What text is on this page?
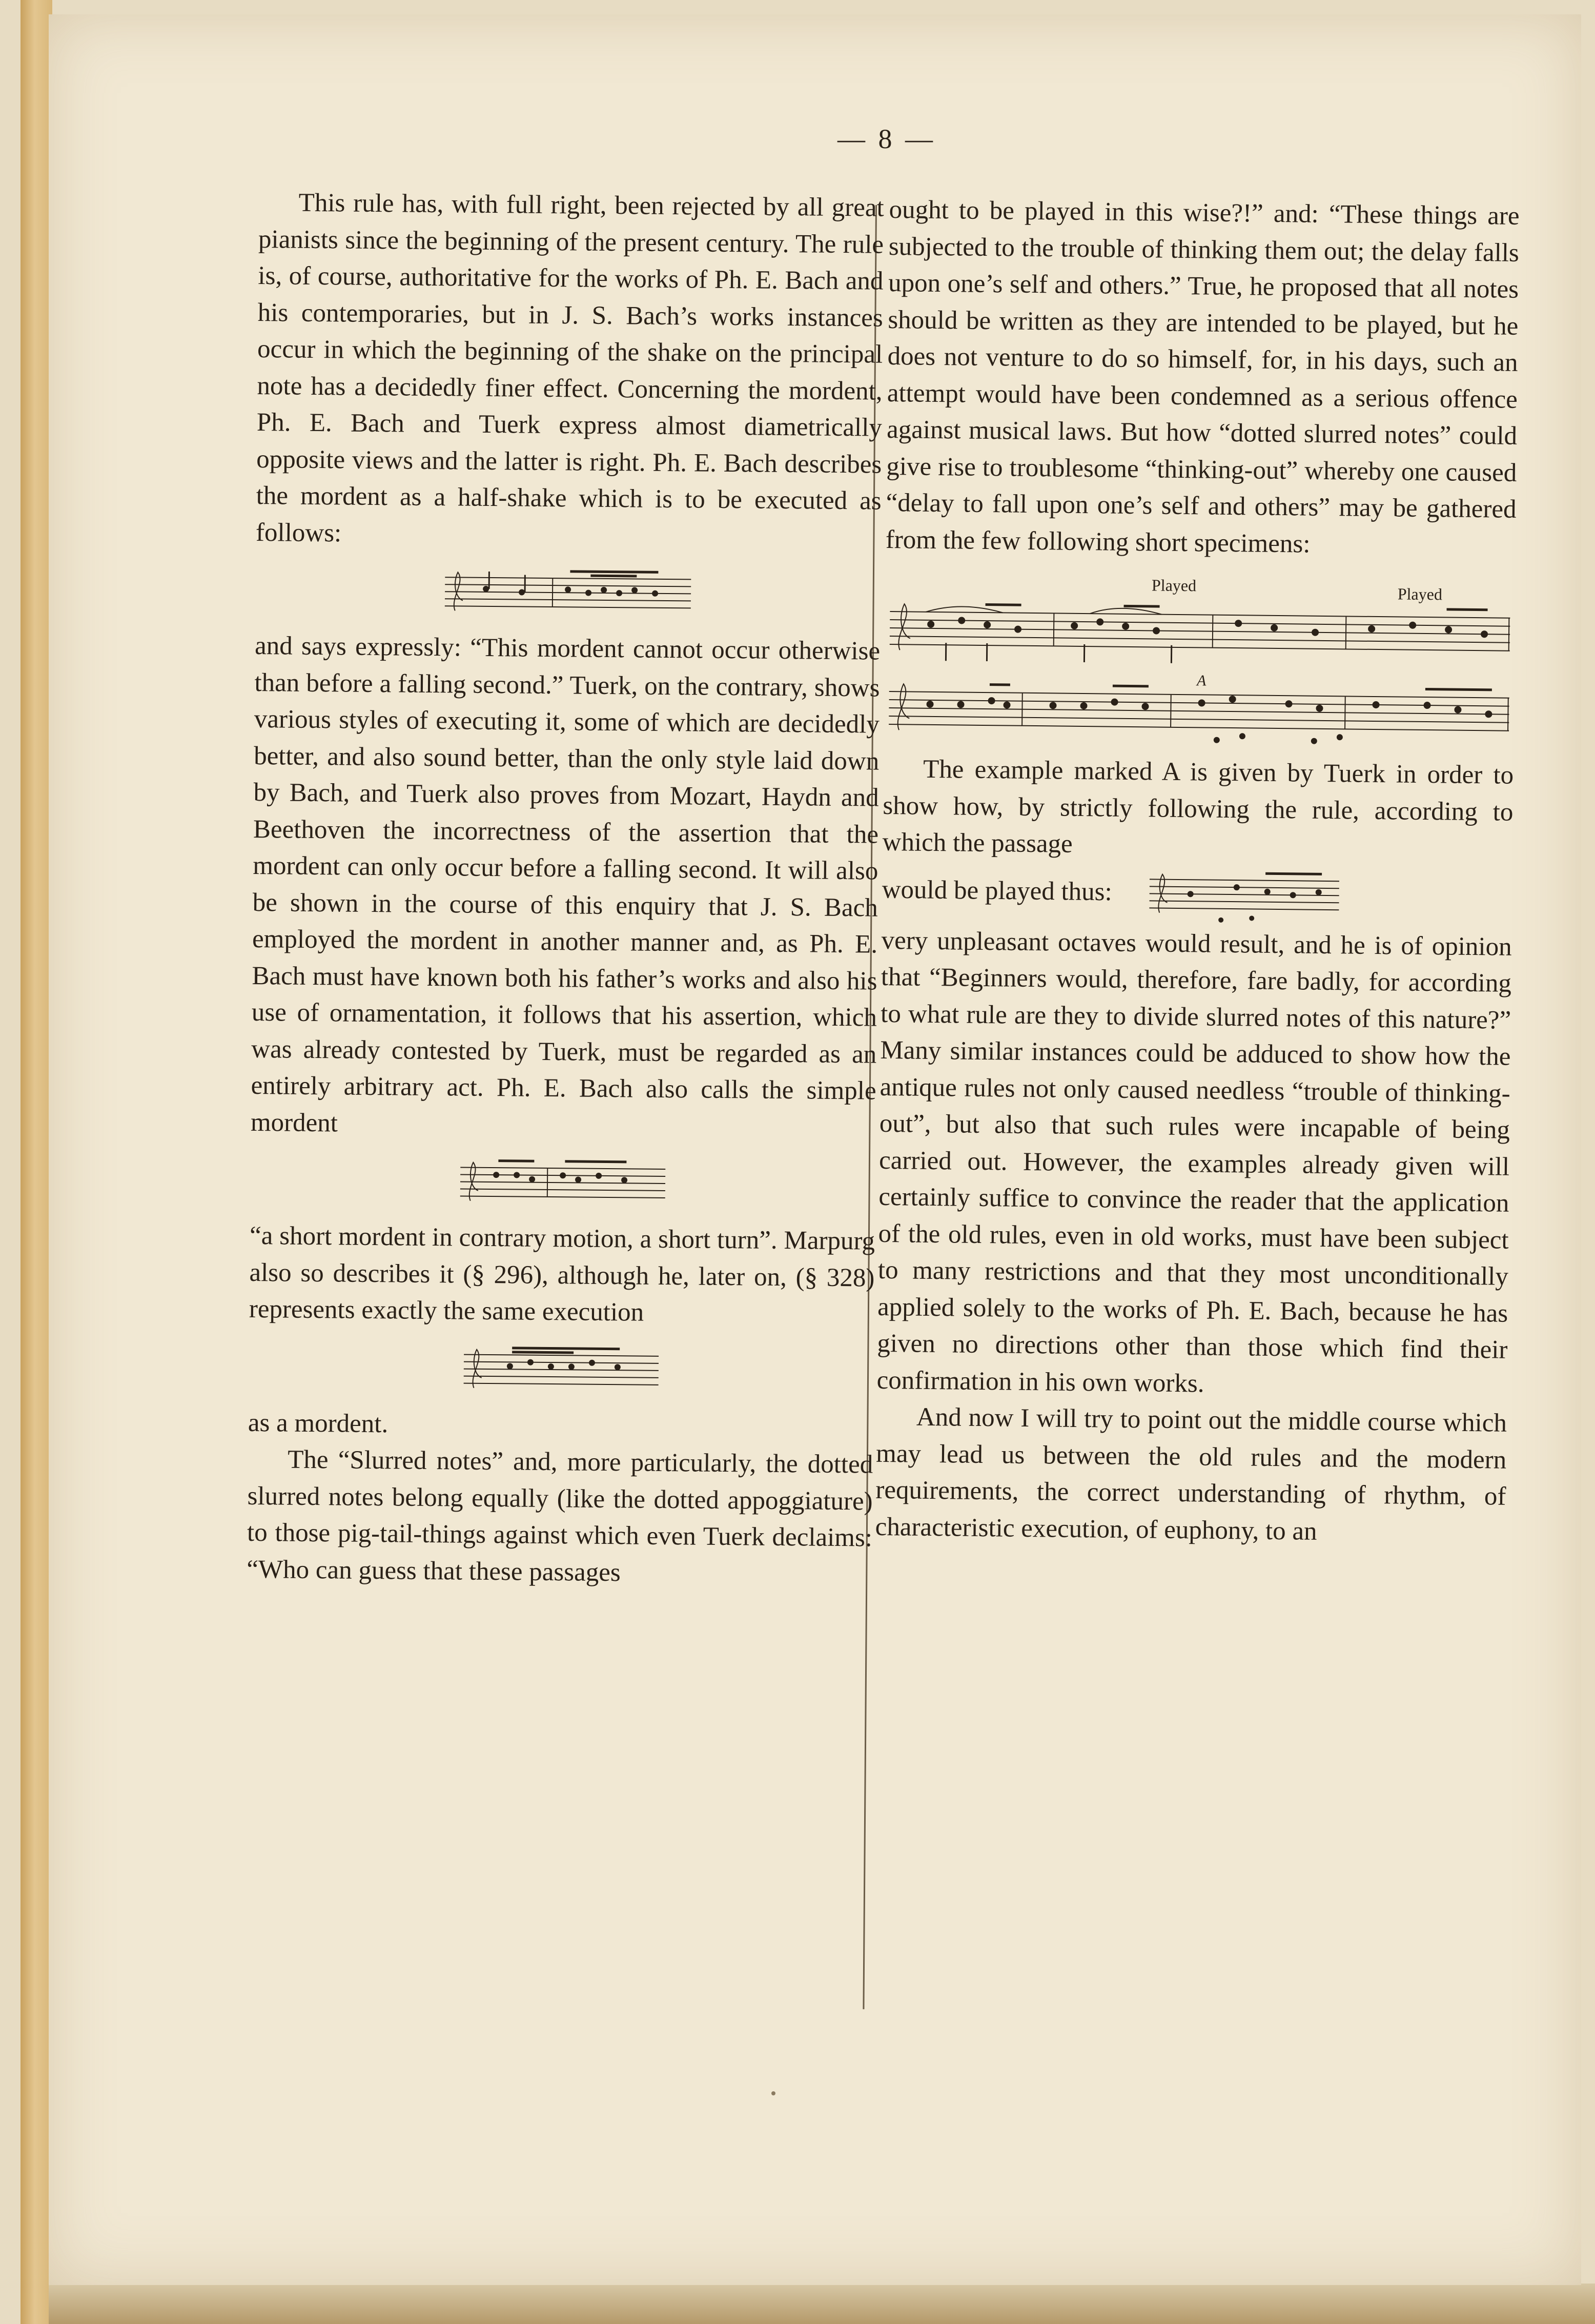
— 8 —

This rule has, with full right, been rejected by all great pianists since the beginning of the present century. The rule is, of course, authoritative for the works of Ph. E. Bach and his contemporaries, but in J. S. Bach’s works instances occur in which the beginning of the shake on the principal note has a decidedly finer effect. Concerning the mordent, Ph. E. Bach and Tuerk express almost diametrically opposite views and the latter is right. Ph. E. Bach describes the mordent as a half-shake which is to be executed as follows:

and says expressly: “This mordent cannot occur otherwise than before a falling second.” Tuerk, on the contrary, shows various styles of executing it, some of which are decidedly better, and also sound better, than the only style laid down by Bach, and Tuerk also proves from Mozart, Haydn and Beethoven the incorrectness of the assertion that the mordent can only occur before a falling second. It will also be shown in the course of this enquiry that J. S. Bach employed the mordent in another manner and, as Ph. E. Bach must have known both his father’s works and also his use of ornamentation, it follows that his assertion, which was already contested by Tuerk, must be regarded as an entirely arbitrary act. Ph. E. Bach also calls the simple mordent

“a short mordent in contrary motion, a short turn”. Marpurg also so describes it (§ 296), although he, later on, (§ 328) represents exactly the same execution

as a mordent.

The “Slurred notes” and, more particularly, the dotted slurred notes belong equally (like the dotted appoggiature) to those pig-tail-things against which even Tuerk declaims: “Who can guess that these passages

ought to be played in this wise?!” and: “These things are subjected to the trouble of thinking them out; the delay falls upon one’s self and others.” True, he proposed that all notes should be written as they are intended to be played, but he does not venture to do so himself, for, in his days, such an attempt would have been condemned as a serious offence against musical laws. But how “dotted slurred notes” could give rise to troublesome “thinking-out” whereby one caused “delay to fall upon one’s self and others” may be gathered from the few following short specimens:

Played	Played
A

The example marked A is given by Tuerk in order to show how, by strictly following the rule, according to which the passage

would be played thus:

very unpleasant octaves would result, and he is of opinion that “Beginners would, therefore, fare badly, for according to what rule are they to divide slurred notes of this nature?” Many similar instances could be adduced to show how the antique rules not only caused needless “trouble of thinking-out”, but also that such rules were incapable of being carried out. However, the examples already given will certainly suffice to convince the reader that the application of the old rules, even in old works, must have been subject to many restrictions and that they most unconditionally applied solely to the works of Ph. E. Bach, because he has given no directions other than those which find their confirmation in his own works.

And now I will try to point out the middle course which may lead us between the old rules and the modern requirements, the correct understanding of rhythm, of characteristic execution, of euphony, to an
